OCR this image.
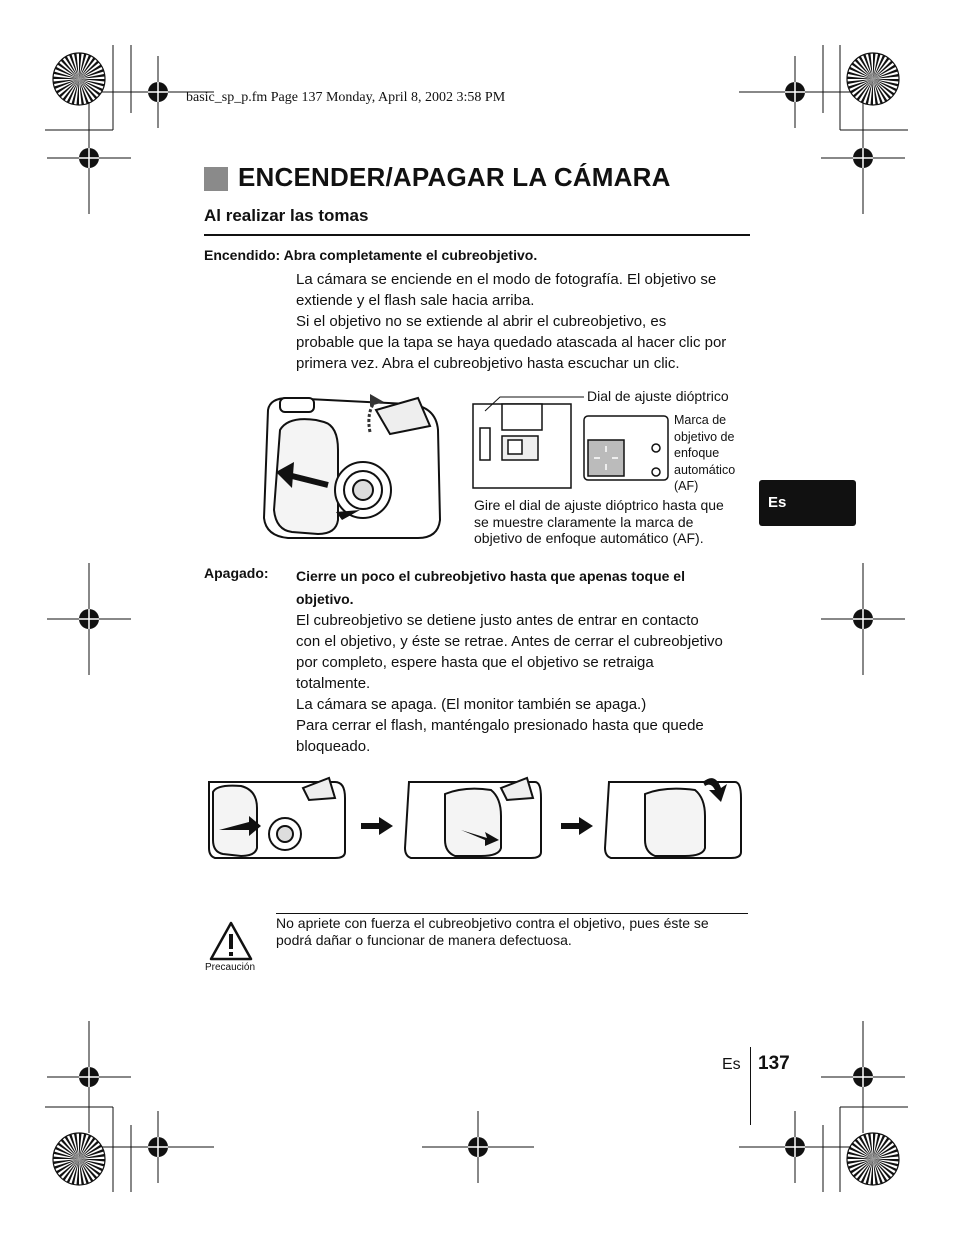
basic_sp_p.fm Page 137 Monday, April 8, 2002 3:58 PM
ENCENDER/APAGAR LA CÁMARA
Al realizar las tomas
Encendido: Abra completamente el cubreobjetivo.
La cámara se enciende en el modo de fotografía. El objetivo se
extiende y el flash sale hacia arriba.
Si el objetivo no se extiende al abrir el cubreobjetivo, es
probable que la tapa se haya quedado atascada al hacer clic por
primera vez. Abra el cubreobjetivo hasta escuchar un clic.
Dial de ajuste dióptrico
Marca de
objetivo de
enfoque
automático
(AF)
Gire el dial de ajuste dióptrico hasta que
se muestre claramente la marca de
objetivo de enfoque automático (AF).
Es
Apagado: Cierre un poco el cubreobjetivo hasta que apenas toque el
objetivo.
El cubreobjetivo se detiene justo antes de entrar en contacto
con el objetivo, y éste se retrae. Antes de cerrar el cubreobjetivo
por completo, espere hasta que el objetivo se retraiga
totalmente.
La cámara se apaga. (El monitor también se apaga.)
Para cerrar el flash, manténgalo presionado hasta que quede
bloqueado.
Precaución
No apriete con fuerza el cubreobjetivo contra el objetivo, pues éste se
podrá dañar o funcionar de manera defectuosa.
Es 137
